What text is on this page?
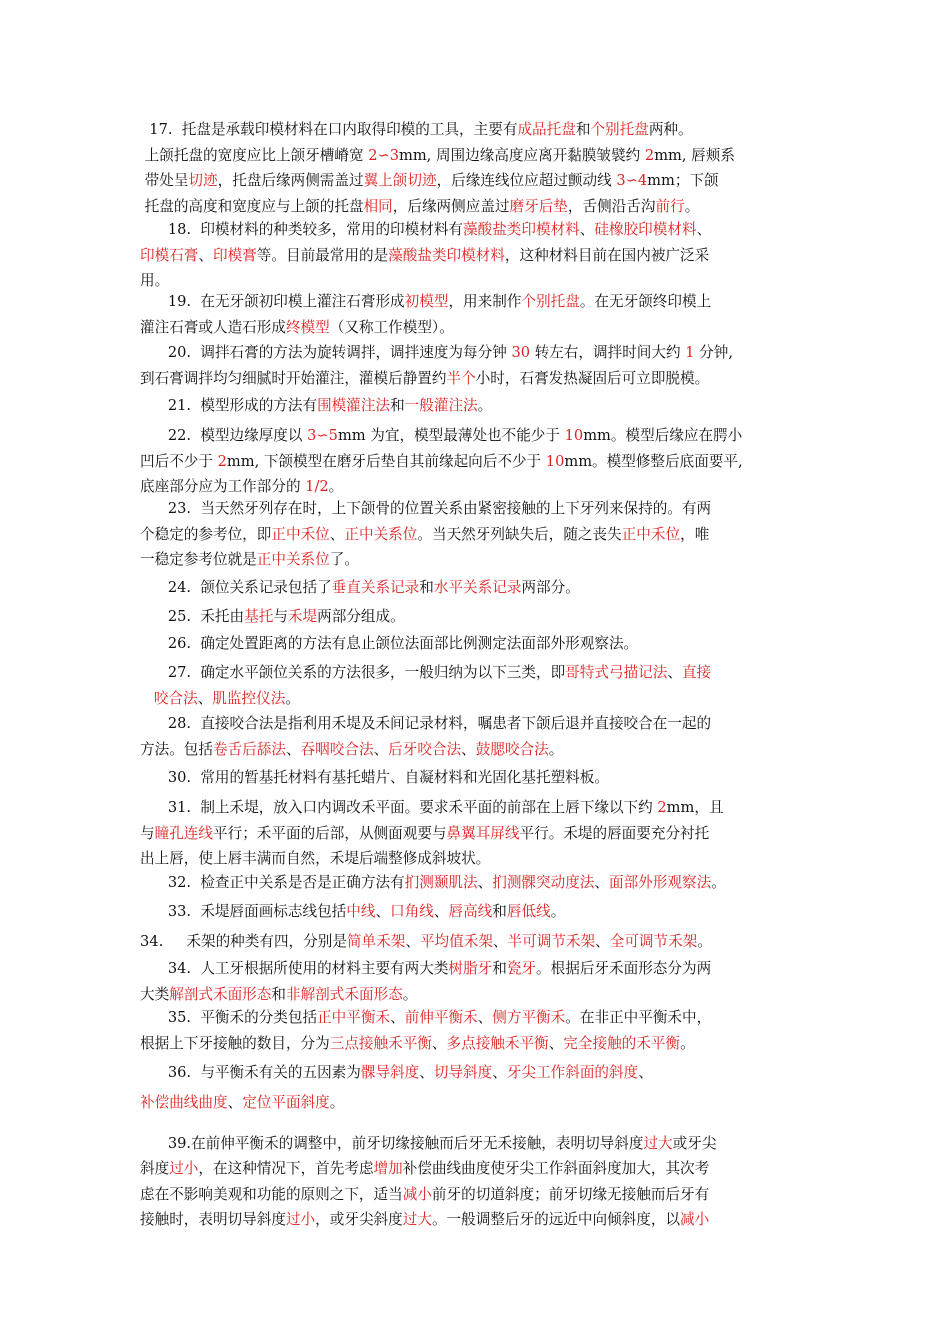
17.  托盘是承载印模材料在口内取得印模的工具，主要有成品托盘和个别托盘两种。
上颌托盘的宽度应比上颌牙槽嵴宽 2∽3mm, 周围边缘高度应离开黏膜皱襞约 2mm, 唇颊系
带处呈切迹，托盘后缘两侧需盖过翼上颌切迹，后缘连线位应超过颤动线 3∽4mm；下颌
托盘的高度和宽度应与上颌的托盘相同，后缘两侧应盖过磨牙后垫，舌侧沿舌沟前行。
18.  印模材料的种类较多，常用的印模材料有藻酸盐类印模材料、硅橡胶印模材料、
印模石膏、印模膏等。目前最常用的是藻酸盐类印模材料，这种材料目前在国内被广泛采
用。
19.  在无牙颌初印模上灌注石膏形成初模型，用来制作个别托盘。在无牙颌终印模上
灌注石膏或人造石形成终模型（又称工作模型）。
20.  调拌石膏的方法为旋转调拌，调拌速度为每分钟 30 转左右，调拌时间大约 1 分钟,
到石膏调拌均匀细腻时开始灌注，灌模后静置约半个小时，石膏发热凝固后可立即脱模。
21.  模型形成的方法有围模灌注法和一般灌注法。
22.  模型边缘厚度以 3∽5mm 为宜，模型最薄处也不能少于 10mm。模型后缘应在腭小
凹后不少于 2mm, 下颌模型在磨牙后垫自其前缘起向后不少于 10mm。模型修整后底面要平,
底座部分应为工作部分的 1/2。
23.  当天然牙列存在时，上下颌骨的位置关系由紧密接触的上下牙列来保持的。有两
个稳定的参考位，即正中禾位、正中关系位。当天然牙列缺失后，随之丧失正中禾位，唯
一稳定参考位就是正中关系位了。
24.  颌位关系记录包括了垂直关系记录和水平关系记录两部分。
25.  禾托由基托与禾堤两部分组成。
26.  确定处置距离的方法有息止颌位法面部比例测定法面部外形观察法。
27.  确定水平颌位关系的方法很多，一般归纳为以下三类，即哥特式弓描记法、直接
咬合法、肌监控仪法。
28.  直接咬合法是指利用禾堤及禾间记录材料，嘱患者下颌后退并直接咬合在一起的
方法。包括卷舌后舔法、吞咽咬合法、后牙咬合法、鼓腮咬合法。
30.  常用的暂基托材料有基托蜡片、自凝材料和光固化基托塑料板。
31.  制上禾堤，放入口内调改禾平面。要求禾平面的前部在上唇下缘以下约 2mm，且
与瞳孔连线平行；禾平面的后部，从侧面观要与鼻翼耳屏线平行。禾堤的唇面要充分衬托
出上唇，使上唇丰满而自然，禾堤后端整修成斜坡状。
32.  检查正中关系是否是正确方法有扪测颞肌法、扪测髁突动度法、面部外形观察法。
33.  禾堤唇面画标志线包括中线、口角线、唇高线和唇低线。
34.     禾架的种类有四，分别是简单禾架、平均值禾架、半可调节禾架、全可调节禾架。
34.  人工牙根据所使用的材料主要有两大类树脂牙和瓷牙。根据后牙禾面形态分为两
大类解剖式禾面形态和非解剖式禾面形态。
35.  平衡禾的分类包括正中平衡禾、前伸平衡禾、侧方平衡禾。在非正中平衡禾中，
根据上下牙接触的数目，分为三点接触禾平衡、多点接触禾平衡、完全接触的禾平衡。
36.  与平衡禾有关的五因素为髁导斜度、切导斜度、牙尖工作斜面的斜度、
补偿曲线曲度、定位平面斜度。
39.在前伸平衡禾的调整中，前牙切缘接触而后牙无禾接触，表明切导斜度过大或牙尖
斜度过小，在这种情况下，首先考虑增加补偿曲线曲度使牙尖工作斜面斜度加大，其次考
虑在不影响美观和功能的原则之下，适当减小前牙的切道斜度；前牙切缘无接触而后牙有
接触时，表明切导斜度过小，或牙尖斜度过大。一般调整后牙的远近中向倾斜度，以减小
